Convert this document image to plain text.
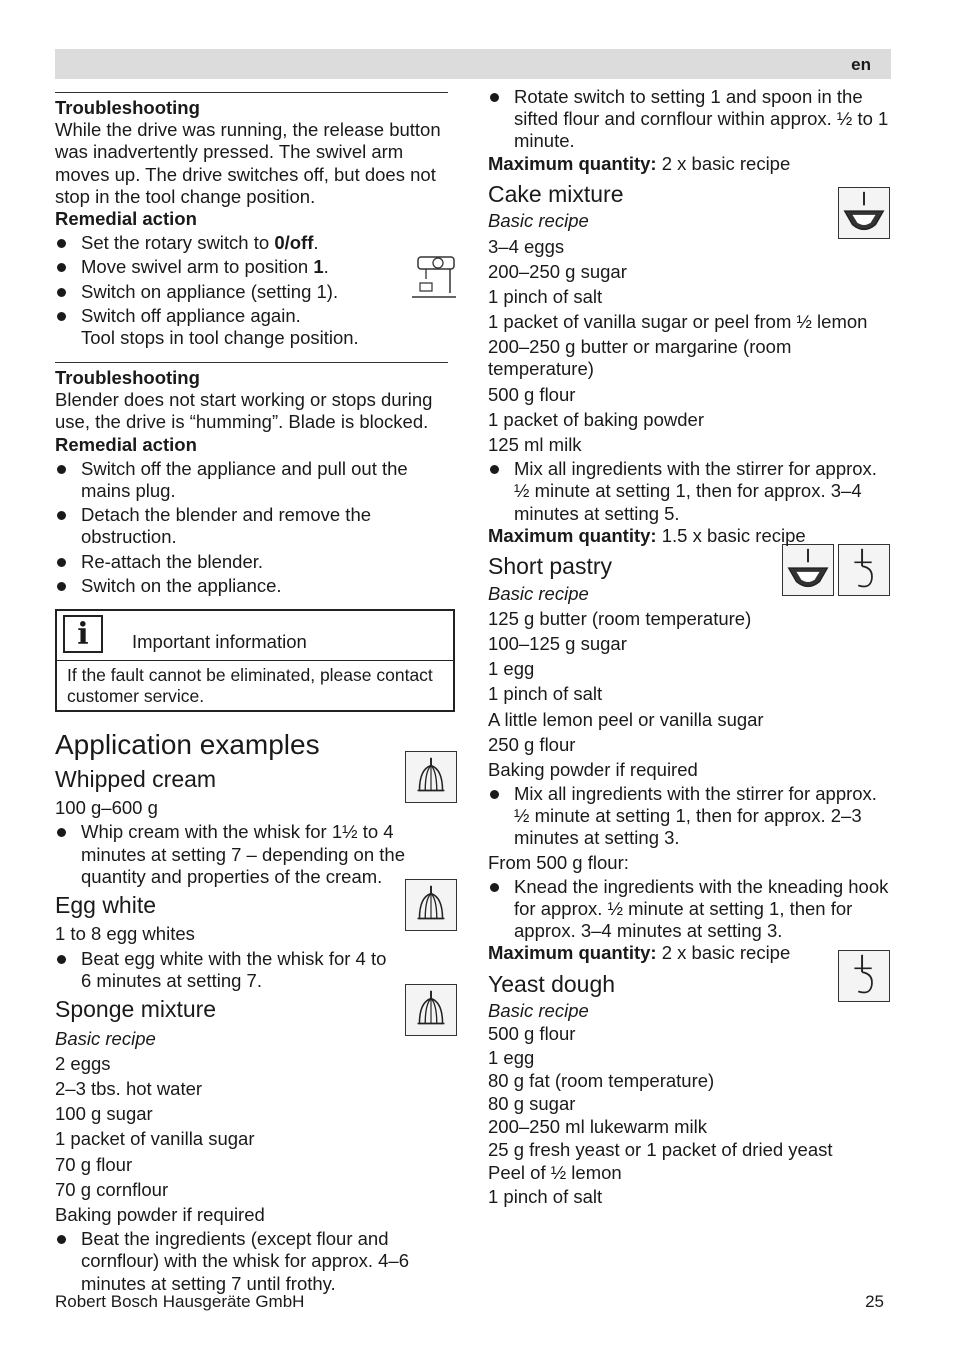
en
Troubleshooting

While the drive was running, the release button was inadvertently pressed. The swivel arm moves up. The drive switches off, but does not stop in the tool change position.

Remedial action
Set the rotary switch to 0/off.
Move swivel arm to position 1.
Switch on appliance (setting 1).
Switch off appliance again.
Tool stops in tool change position.
Troubleshooting

Blender does not start working or stops during use, the drive is “humming”. Blade is blocked.

Remedial action
Switch off the appliance and pull out the mains plug.
Detach the blender and remove the obstruction.
Re-attach the blender.
Switch on the appliance.
i	Important information
If the fault cannot be eliminated, please contact customer service.
Application examples
Whipped cream

100 g–600 g

Whip cream with the whisk for 1½ to 4 minutes at setting 7 – depending on the quantity and properties of the cream.
Egg white

1 to 8 egg whites

Beat egg white with the whisk for 4 to 6 minutes at setting 7.
Sponge mixture

Basic recipe

2 eggs

2–3 tbs. hot water

100 g sugar

1 packet of vanilla sugar

70 g flour

70 g cornflour

Baking powder if required

Beat the ingredients (except flour and cornflour) with the whisk for approx. 4–6 minutes at setting 7 until frothy.
Rotate switch to setting 1 and spoon in the sifted flour and cornflour within approx. ½ to 1 minute.

Maximum quantity: 2 x basic recipe

Cake mixture

Basic recipe

3–4 eggs

200–250 g sugar

1 pinch of salt

1 packet of vanilla sugar or peel from ½ lemon

200–250 g butter or margarine (room temperature)

500 g flour

1 packet of baking powder

125 ml milk

Mix all ingredients with the stirrer for approx. ½ minute at setting 1, then for approx. 3–4 minutes at setting 5.

Maximum quantity: 1.5 x basic recipe

Short pastry

Basic recipe

125 g butter (room temperature)

100–125 g sugar

1 egg

1 pinch of salt

A little lemon peel or vanilla sugar

250 g flour

Baking powder if required

Mix all ingredients with the stirrer for approx. ½ minute at setting 1, then for approx. 2–3 minutes at setting 3.

From 500 g flour:

Knead the ingredients with the kneading hook for approx. ½ minute at setting 1, then for approx. 3–4 minutes at setting 3.

Maximum quantity: 2 x basic recipe

Yeast dough

Basic recipe

500 g flour

1 egg

80 g fat (room temperature)

80 g sugar

200–250 ml lukewarm milk

25 g fresh yeast or 1 packet of dried yeast

Peel of ½ lemon

1 pinch of salt

Robert Bosch Hausgeräte GmbH	25
